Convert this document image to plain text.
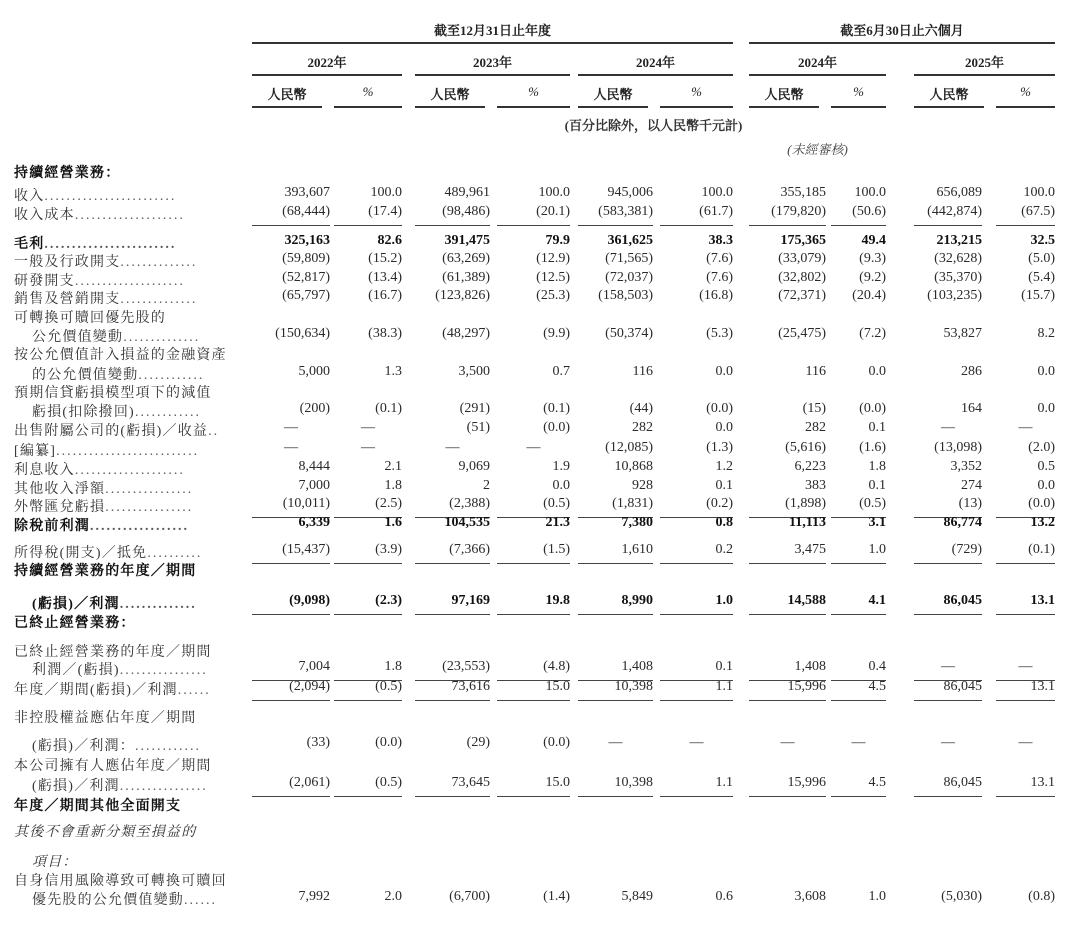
截至12月31日止年度	截至6月30日止六個月
2022年	2023年	2024年	2024年	2025年
人民幣	%	人民幣	%	人民幣	%	人民幣	%	人民幣	%
(百分比除外，以人民幣千元計)
(未經審核)
持續經營業務：
收入........................	393,607	100.0	489,961	100.0	945,006	100.0	355,185	100.0	656,089	100.0
收入成本....................	(68,444)	(17.4)	(98,486)	(20.1)	(583,381)	(61.7)	(179,820)	(50.6)	(442,874)	(67.5)
毛利........................	325,163	82.6	391,475	79.9	361,625	38.3	175,365	49.4	213,215	32.5
一般及行政開支..............	(59,809)	(15.2)	(63,269)	(12.9)	(71,565)	(7.6)	(33,079)	(9.3)	(32,628)	(5.0)
研發開支....................	(52,817)	(13.4)	(61,389)	(12.5)	(72,037)	(7.6)	(32,802)	(9.2)	(35,370)	(5.4)
銷售及營銷開支..............	(65,797)	(16.7)	(123,826)	(25.3)	(158,503)	(16.8)	(72,371)	(20.4)	(103,235)	(15.7)
可轉換可贖回優先股的
公允價值變動..............	(150,634)	(38.3)	(48,297)	(9.9)	(50,374)	(5.3)	(25,475)	(7.2)	53,827	8.2
按公允價值計入損益的金融資產
的公允價值變動............	5,000	1.3	3,500	0.7	116	0.0	116	0.0	286	0.0
預期信貸虧損模型項下的減值
虧損(扣除撥回)............	(200)	(0.1)	(291)	(0.1)	(44)	(0.0)	(15)	(0.0)	164	0.0
出售附屬公司的(虧損)／收益..	—	—	(51)	(0.0)	282	0.0	282	0.1	—	—
[編纂]..........................	—	—	—	—	(12,085)	(1.3)	(5,616)	(1.6)	(13,098)	(2.0)
利息收入....................	8,444	2.1	9,069	1.9	10,868	1.2	6,223	1.8	3,352	0.5
其他收入淨額................	7,000	1.8	2	0.0	928	0.1	383	0.1	274	0.0
外幣匯兌虧損................	(10,011)	(2.5)	(2,388)	(0.5)	(1,831)	(0.2)	(1,898)	(0.5)	(13)	(0.0)
除稅前利潤..................	6,339	1.6	104,535	21.3	7,380	0.8	11,113	3.1	86,774	13.2
所得稅(開支)／抵免..........	(15,437)	(3.9)	(7,366)	(1.5)	1,610	0.2	3,475	1.0	(729)	(0.1)
持續經營業務的年度／期間
(虧損)／利潤..............	(9,098)	(2.3)	97,169	19.8	8,990	1.0	14,588	4.1	86,045	13.1
已終止經營業務：
已終止經營業務的年度／期間
利潤／(虧損)................	7,004	1.8	(23,553)	(4.8)	1,408	0.1	1,408	0.4	—	—
年度／期間(虧損)／利潤......	(2,094)	(0.5)	73,616	15.0	10,398	1.1	15,996	4.5	86,045	13.1
非控股權益應佔年度／期間
(虧損)／利潤：............	(33)	(0.0)	(29)	(0.0)	—	—	—	—	—	—
本公司擁有人應佔年度／期間
(虧損)／利潤................	(2,061)	(0.5)	73,645	15.0	10,398	1.1	15,996	4.5	86,045	13.1
年度／期間其他全面開支
其後不會重新分類至損益的
項目：
自身信用風險導致可轉換可贖回
優先股的公允價值變動......	7,992	2.0	(6,700)	(1.4)	5,849	0.6	3,608	1.0	(5,030)	(0.8)
